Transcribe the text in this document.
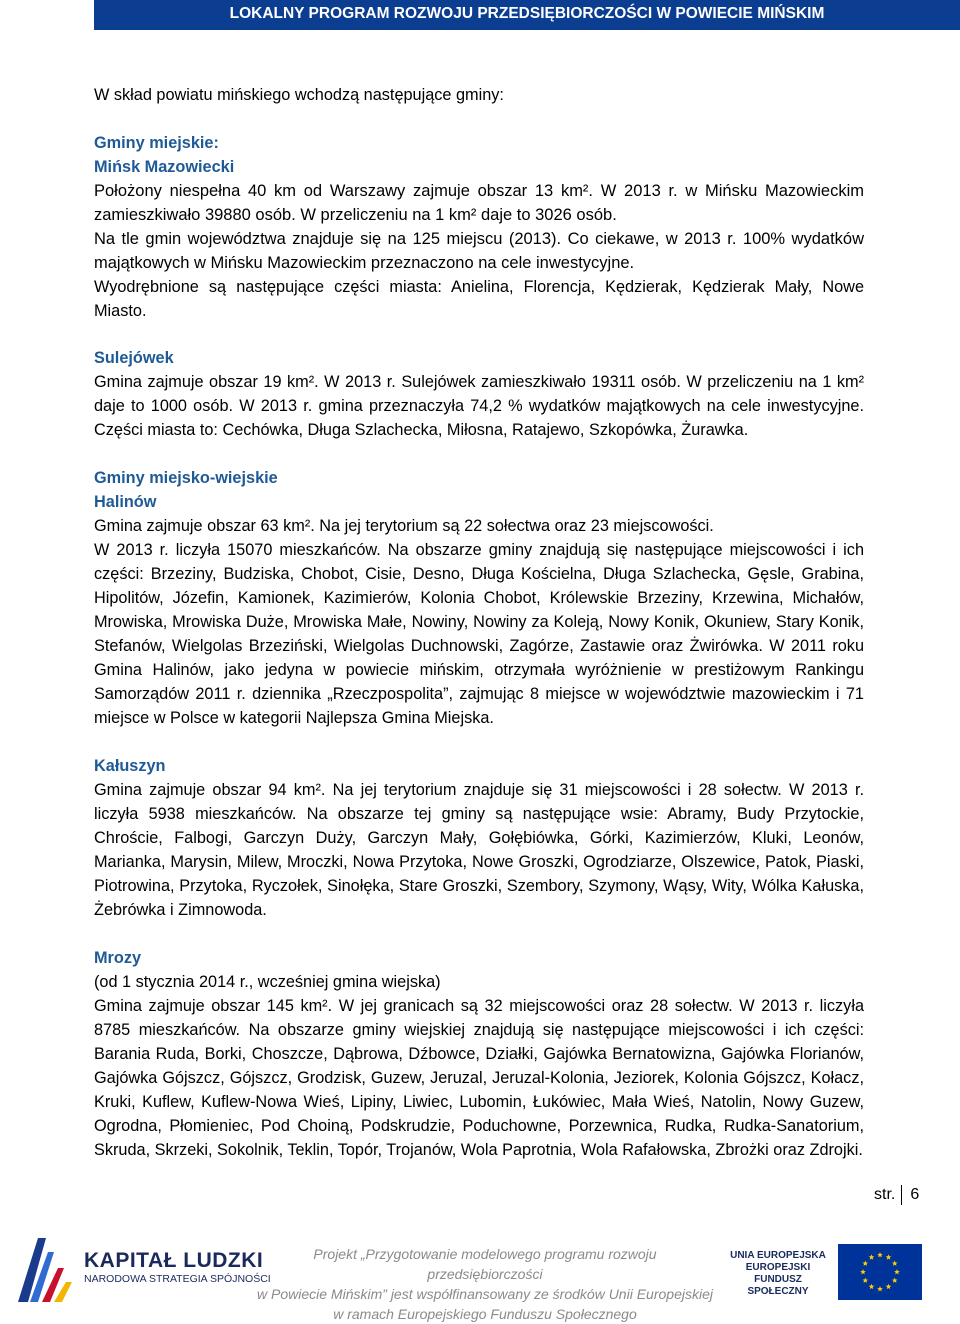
LOKALNY PROGRAM ROZWOJU PRZEDSIĘBIORCZOŚCI W POWIECIE MIŃSKIM

W skład powiatu mińskiego wchodzą następujące gminy:

Gminy miejskie:

Mińsk Mazowiecki

Położony niespełna 40 km od Warszawy zajmuje obszar 13 km². W 2013 r. w Mińsku Mazowieckim zamieszkiwało 39880 osób. W przeliczeniu na 1 km² daje to 3026 osób.

Na tle gmin województwa znajduje się na 125 miejscu (2013). Co ciekawe, w 2013 r. 100% wydatków majątkowych w Mińsku Mazowieckim przeznaczono na cele inwestycyjne.

Wyodrębnione są następujące części miasta: Anielina, Florencja, Kędzierak, Kędzierak Mały, Nowe Miasto.

Sulejówek

Gmina zajmuje obszar 19 km². W 2013 r. Sulejówek zamieszkiwało 19311 osób. W przeliczeniu na 1 km² daje to 1000 osób. W 2013 r. gmina przeznaczyła 74,2 % wydatków majątkowych na cele inwestycyjne. Części miasta to: Cechówka, Długa Szlachecka, Miłosna, Ratajewo, Szkopówka, Żurawka.

Gminy miejsko-wiejskie

Halinów

Gmina zajmuje obszar 63 km². Na jej terytorium są 22 sołectwa oraz 23 miejscowości.

W 2013 r. liczyła 15070 mieszkańców. Na obszarze gminy znajdują się następujące miejscowości i ich części: Brzeziny, Budziska, Chobot, Cisie, Desno, Długa Kościelna, Długa Szlachecka, Gęsle, Grabina, Hipolitów, Józefin, Kamionek, Kazimierów, Kolonia Chobot, Królewskie Brzeziny, Krzewina, Michałów, Mrowiska, Mrowiska Duże, Mrowiska Małe, Nowiny, Nowiny za Koleją, Nowy Konik, Okuniew, Stary Konik, Stefanów, Wielgolas Brzeziński, Wielgolas Duchnowski, Zagórze, Zastawie oraz Żwirówka. W 2011 roku Gmina Halinów, jako jedyna w powiecie mińskim, otrzymała wyróżnienie w prestiżowym Rankingu Samorządów 2011 r. dziennika „Rzeczpospolita”, zajmując 8 miejsce w województwie mazowieckim i 71 miejsce w Polsce w kategorii Najlepsza Gmina Miejska.

Kałuszyn

Gmina zajmuje obszar 94 km². Na jej terytorium znajduje się 31 miejscowości i 28 sołectw. W 2013 r. liczyła 5938 mieszkańców. Na obszarze tej gminy są następujące wsie: Abramy, Budy Przytockie, Chroście, Falbogi, Garczyn Duży, Garczyn Mały, Gołębiówka, Górki, Kazimierzów, Kluki, Leonów, Marianka, Marysin, Milew, Mroczki, Nowa Przytoka, Nowe Groszki, Ogrodziarze, Olszewice, Patok, Piaski, Piotrowina, Przytoka, Ryczołek, Sinołęka, Stare Groszki, Szembory, Szymony, Wąsy, Wity, Wólka Kałuska, Żebrówka i Zimnowoda.

Mrozy

(od 1 stycznia 2014 r., wcześniej gmina wiejska)

Gmina zajmuje obszar 145 km². W jej granicach są 32 miejscowości oraz 28 sołectw. W 2013 r. liczyła 8785 mieszkańców. Na obszarze gminy wiejskiej znajdują się następujące miejscowości i ich części: Barania Ruda, Borki, Choszcze, Dąbrowa, Dźbowce, Działki, Gajówka Bernatowizna, Gajówka Florianów, Gajówka Gójszcz, Gójszcz, Grodzisk, Guzew, Jeruzal, Jeruzal-Kolonia, Jeziorek, Kolonia Gójszcz, Kołacz, Kruki, Kuflew, Kuflew-Nowa Wieś, Lipiny, Liwiec, Lubomin, Łukówiec, Mała Wieś, Natolin, Nowy Guzew, Ogrodna, Płomieniec, Pod Choiną, Podskrudzie, Poduchowne, Porzewnica, Rudka, Rudka-Sanatorium, Skruda, Skrzeki, Sokolnik, Teklin, Topór, Trojanów, Wola Paprotnia, Wola Rafałowska, Zbrożki oraz Zdrojki.

str. 6
KAPITAŁ LUDZKI
NARODOWA STRATEGIA SPÓJNOŚCI
Projekt „Przygotowanie modelowego programu rozwoju przedsiębiorczości
w Powiecie Mińskim” jest współfinansowany ze środków Unii Europejskiej
w ramach Europejskiego Funduszu Społecznego
UNIA EUROPEJSKA
EUROPEJSKI
FUNDUSZ SPOŁECZNY
